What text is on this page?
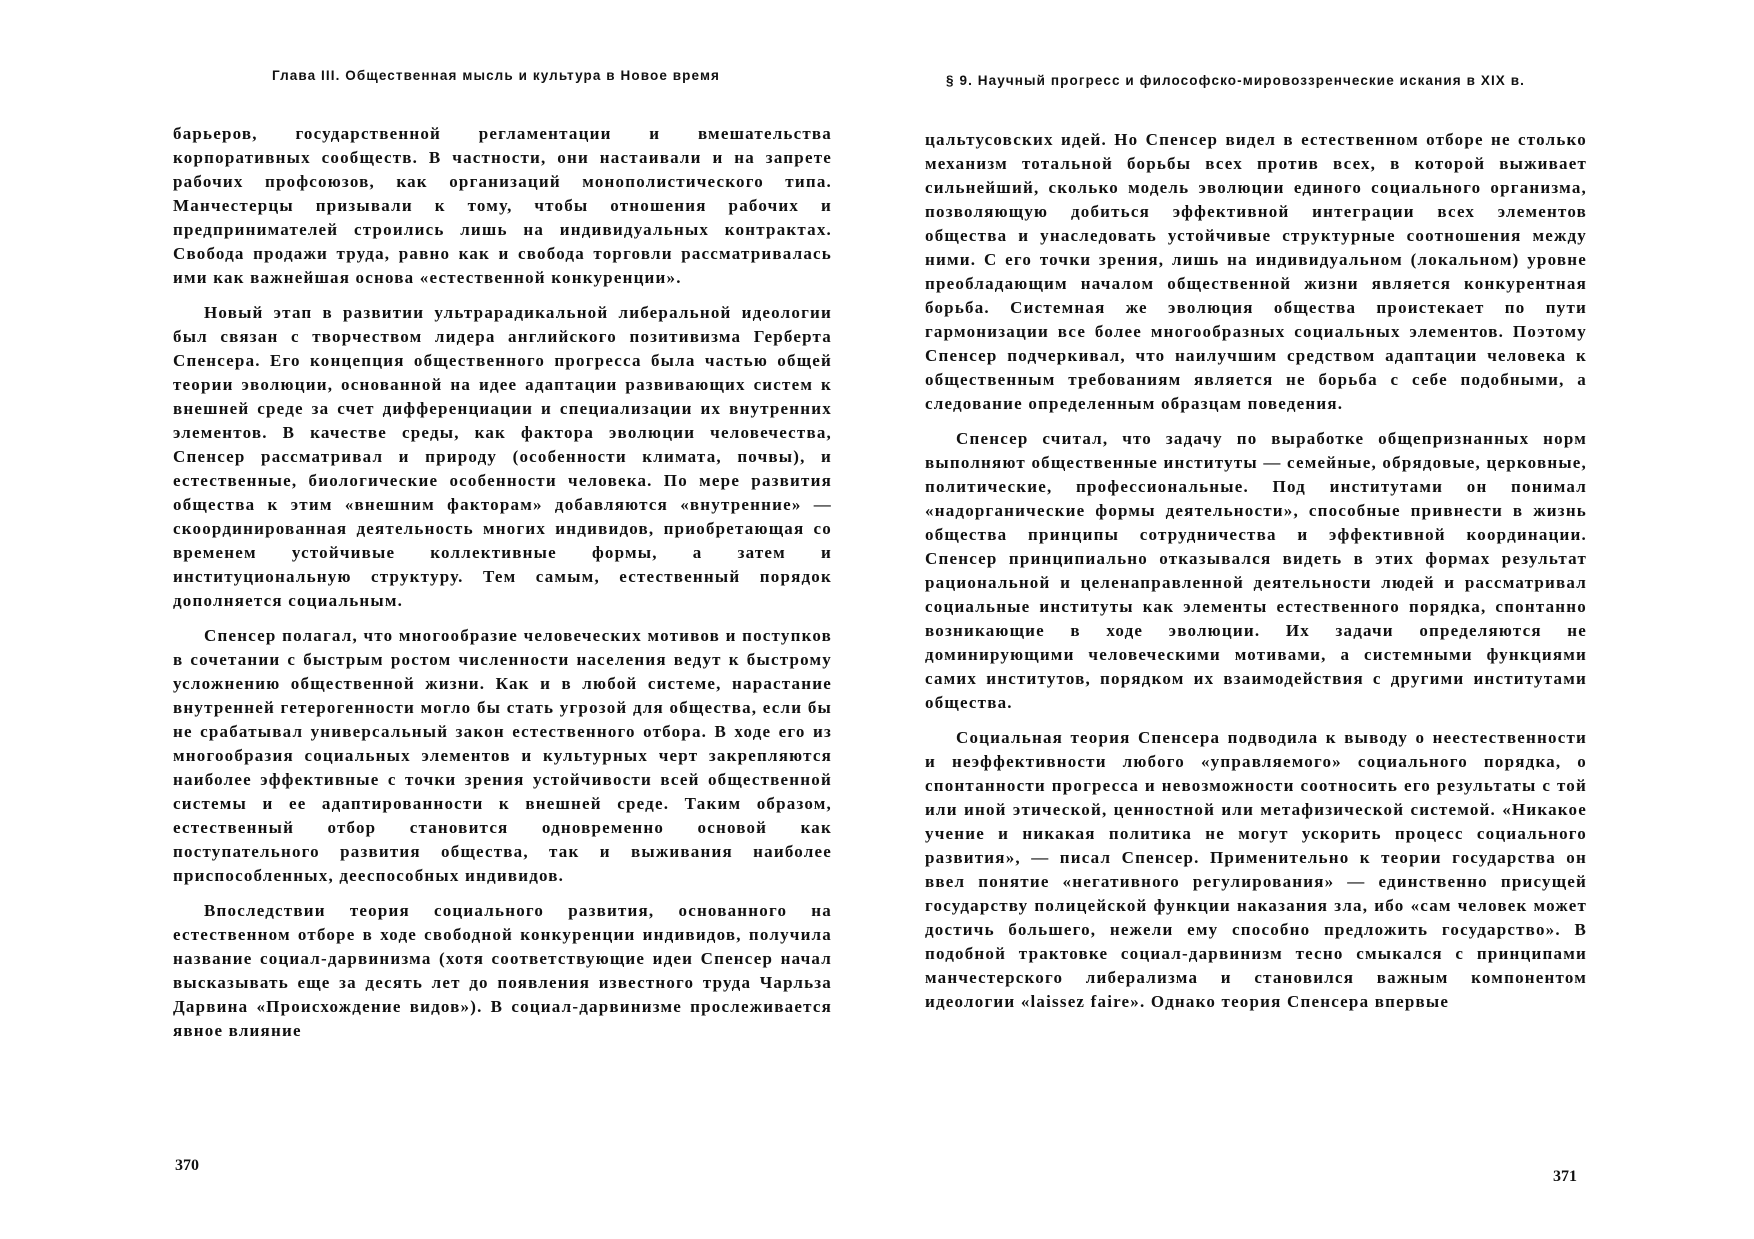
Глава III. Общественная мысль и культура в Новое время

барьеров, государственной регламентации и вмешательства корпоративных сообществ. В частности, они настаивали и на запрете рабочих профсоюзов, как организаций монополистического типа. Манчестерцы призывали к тому, чтобы отношения рабочих и предпринимателей строились лишь на индивидуальных контрактах. Свобода продажи труда, равно как и свобода торговли рассматривалась ими как важнейшая основа «естественной конкуренции».

Новый этап в развитии ультрарадикальной либеральной идеологии был связан с творчеством лидера английского позитивизма Герберта Спенсера. Его концепция общественного прогресса была частью общей теории эволюции, основанной на идее адаптации развивающих систем к внешней среде за счет дифференциации и специализации их внутренних элементов. В качестве среды, как фактора эволюции человечества, Спенсер рассматривал и природу (особенности климата, почвы), и естественные, биологические особенности человека. По мере развития общества к этим «внешним факторам» добавляются «внутренние» — скоординированная деятельность многих индивидов, приобретающая со временем устойчивые коллективные формы, а затем и институциональную структуру. Тем самым, естественный порядок дополняется социальным.

Спенсер полагал, что многообразие человеческих мотивов и поступков в сочетании с быстрым ростом численности населения ведут к быстрому усложнению общественной жизни. Как и в любой системе, нарастание внутренней гетерогенности могло бы стать угрозой для общества, если бы не срабатывал универсальный закон естественного отбора. В ходе его из многообразия социальных элементов и культурных черт закрепляются наиболее эффективные с точки зрения устойчивости всей общественной системы и ее адаптированности к внешней среде. Таким образом, естественный отбор становится одновременно основой как поступательного развития общества, так и выживания наиболее приспособленных, дееспособных индивидов.

Впоследствии теория социального развития, основанного на естественном отборе в ходе свободной конкуренции индивидов, получила название социал-дарвинизма (хотя соответствующие идеи Спенсер начал высказывать еще за десять лет до появления известного труда Чарльза Дарвина «Происхождение видов»). В социал-дарвинизме прослеживается явное влияние

370
§ 9. Научный прогресс и философско-мировоззренческие искания в XIX в.

цальтусовских идей. Но Спенсер видел в естественном отборе не столько механизм тотальной борьбы всех против всех, в которой выживает сильнейший, сколько модель эволюции единого социального организма, позволяющую добиться эффективной интеграции всех элементов общества и унаследовать устойчивые структурные соотношения между ними. С его точки зрения, лишь на индивидуальном (локальном) уровне преобладающим началом общественной жизни является конкурентная борьба. Системная же эволюция общества проистекает по пути гармонизации все более многообразных социальных элементов. Поэтому Спенсер подчеркивал, что наилучшим средством адаптации человека к общественным требованиям является не борьба с себе подобными, а следование определенным образцам поведения.

Спенсер считал, что задачу по выработке общепризнанных норм выполняют общественные институты — семейные, обрядовые, церковные, политические, профессиональные. Под институтами он понимал «надорганические формы деятельности», способные привнести в жизнь общества принципы сотрудничества и эффективной координации. Спенсер принципиально отказывался видеть в этих формах результат рациональной и целенаправленной деятельности людей и рассматривал социальные институты как элементы естественного порядка, спонтанно возникающие в ходе эволюции. Их задачи определяются не доминирующими человеческими мотивами, а системными функциями самих институтов, порядком их взаимодействия с другими институтами общества.

Социальная теория Спенсера подводила к выводу о неестественности и неэффективности любого «управляемого» социального порядка, о спонтанности прогресса и невозможности соотносить его результаты с той или иной этической, ценностной или метафизической системой. «Никакое учение и никакая политика не могут ускорить процесс социального развития», — писал Спенсер. Применительно к теории государства он ввел понятие «негативного регулирования» — единственно присущей государству полицейской функции наказания зла, ибо «сам человек может достичь большего, нежели ему способно предложить государство». В подобной трактовке социал-дарвинизм тесно смыкался с принципами манчестерского либерализма и становился важным компонентом идеологии «laissez faire». Однако теория Спенсера впервые

371
